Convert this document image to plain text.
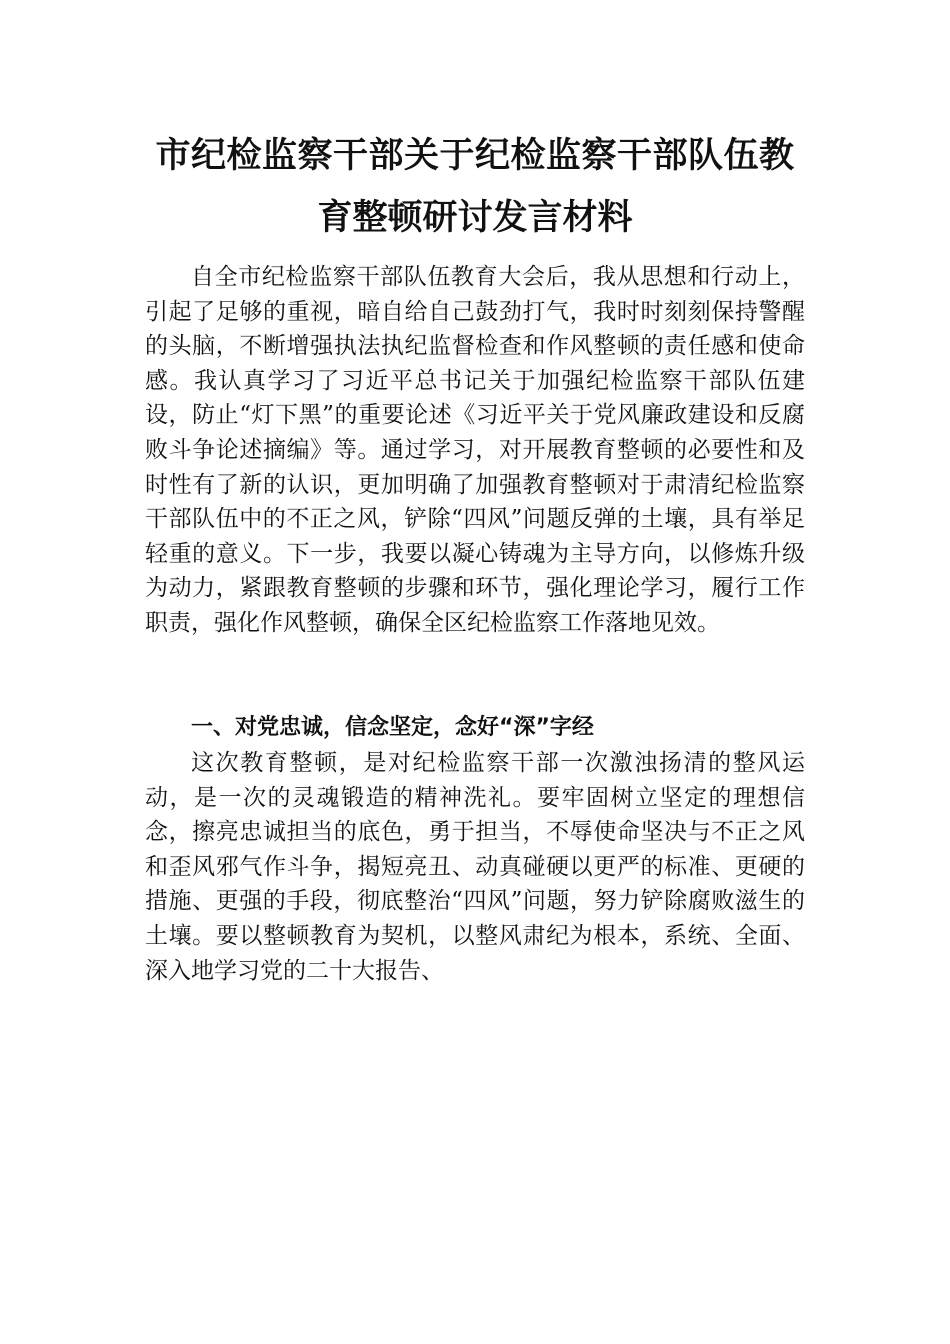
市纪检监察干部关于纪检监察干部队伍教
育整顿研讨发言材料

自全市纪检监察干部队伍教育大会后，我从思想和行动上，引起了足够的重视，暗自给自己鼓劲打气，我时时刻刻保持警醒的头脑，不断增强执法执纪监督检查和作风整顿的责任感和使命感。我认真学习了习近平总书记关于加强纪检监察干部队伍建设，防止“灯下黑”的重要论述《习近平关于党风廉政建设和反腐败斗争论述摘编》等。通过学习，对开展教育整顿的必要性和及时性有了新的认识，更加明确了加强教育整顿对于肃清纪检监察干部队伍中的不正之风，铲除“四风”问题反弹的土壤，具有举足轻重的意义。下一步，我要以凝心铸魂为主导方向，以修炼升级为动力，紧跟教育整顿的步骤和环节，强化理论学习，履行工作职责，强化作风整顿，确保全区纪检监察工作落地见效。

一、对党忠诚，信念坚定，念好“深”字经

这次教育整顿，是对纪检监察干部一次激浊扬清的整风运动，是一次的灵魂锻造的精神洗礼。要牢固树立坚定的理想信念，擦亮忠诚担当的底色，勇于担当，不辱使命坚决与不正之风和歪风邪气作斗争，揭短亮丑、动真碰硬以更严的标准、更硬的措施、更强的手段，彻底整治“四风”问题，努力铲除腐败滋生的土壤。要以整顿教育为契机，以整风肃纪为根本，系统、全面、深入地学习党的二十大报告、
